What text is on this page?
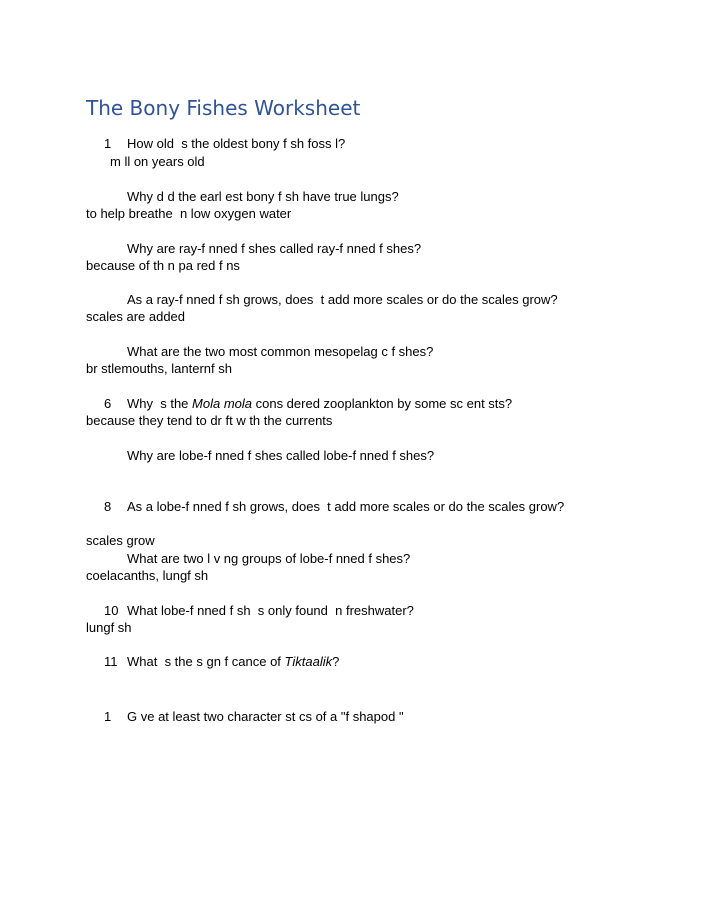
The Bony Fishes Worksheet
1 How old  s the oldest bony f sh foss l?
m ll on years old
Why d d the earl est bony f sh have true lungs?
to help breathe  n low oxygen water
Why are ray-f nned f shes called ray-f nned f shes?
because of th n pa red f ns
As a ray-f nned f sh grows, does  t add more scales or do the scales grow?
scales are added
What are the two most common mesopelag c f shes?
br stlemouths, lanternf sh
6 Why  s the Mola mola cons dered zooplankton by some sc ent sts?
because they tend to dr ft w th the currents
Why are lobe-f nned f shes called lobe-f nned f shes?
8 As a lobe-f nned f sh grows, does  t add more scales or do the scales grow?
scales grow
What are two l v ng groups of lobe-f nned f shes?
coelacanths, lungf sh
10 What lobe-f nned f sh  s only found  n freshwater?
lungf sh
11 What  s the s gn f cance of Tiktaalik?
1 G ve at least two character st cs of a "f shapod "
